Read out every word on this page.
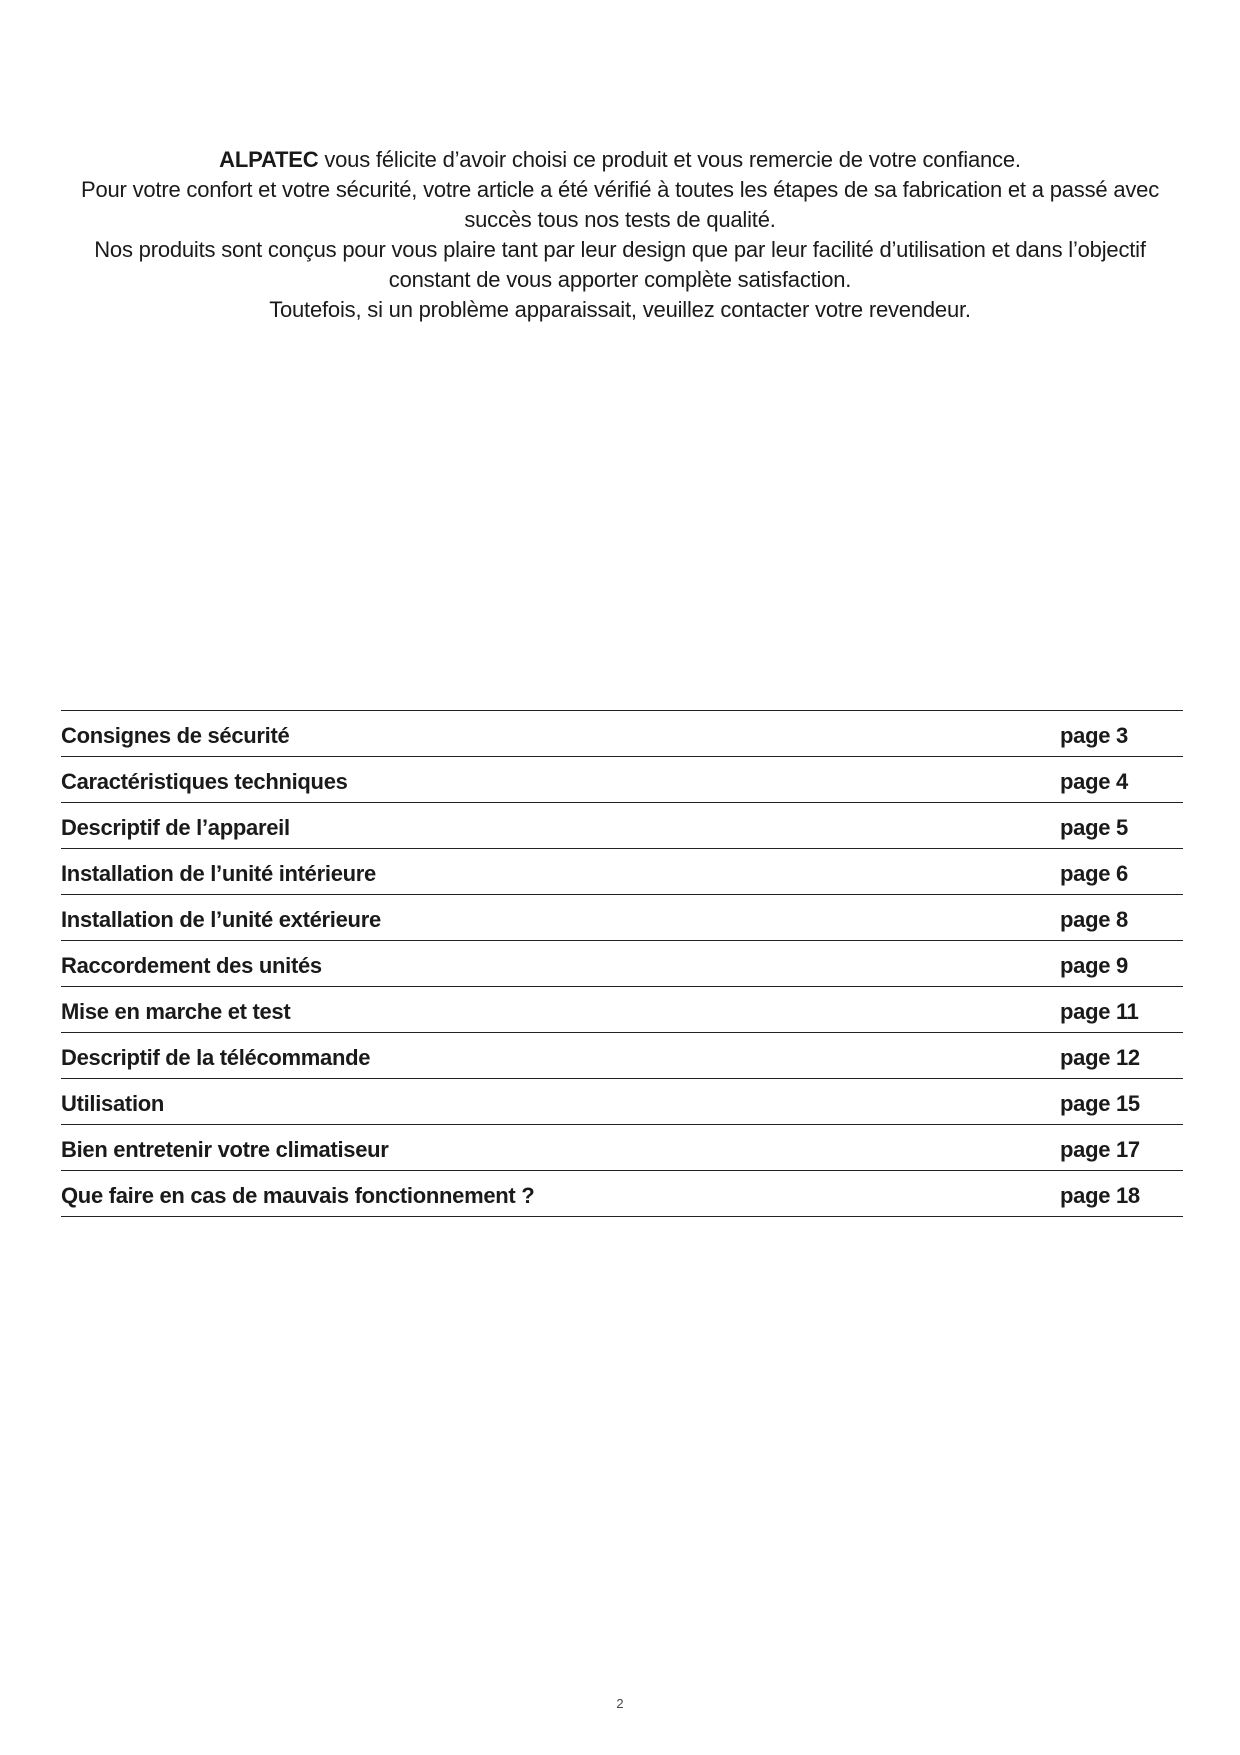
ALPATEC vous félicite d’avoir choisi ce produit et vous remercie de votre confiance.

Pour votre confort et votre sécurité, votre article a été vérifié à toutes les étapes de sa fabrication et a passé avec succès tous nos tests de qualité.

Nos produits sont conçus pour vous plaire tant par leur design que par leur facilité d’utilisation et dans l’objectif constant de vous apporter complète satisfaction.

Toutefois, si un problème apparaissait, veuillez contacter votre revendeur.

Consignes de sécurité	page 3
Caractéristiques techniques	page 4
Descriptif de l’appareil	page 5
Installation de l’unité intérieure	page 6
Installation de l’unité extérieure	page 8
Raccordement des unités	page 9
Mise en marche et test	page 11
Descriptif de la télécommande	page 12
Utilisation	page 15
Bien entretenir votre climatiseur	page 17
Que faire en cas de mauvais fonctionnement ?	page 18
2
